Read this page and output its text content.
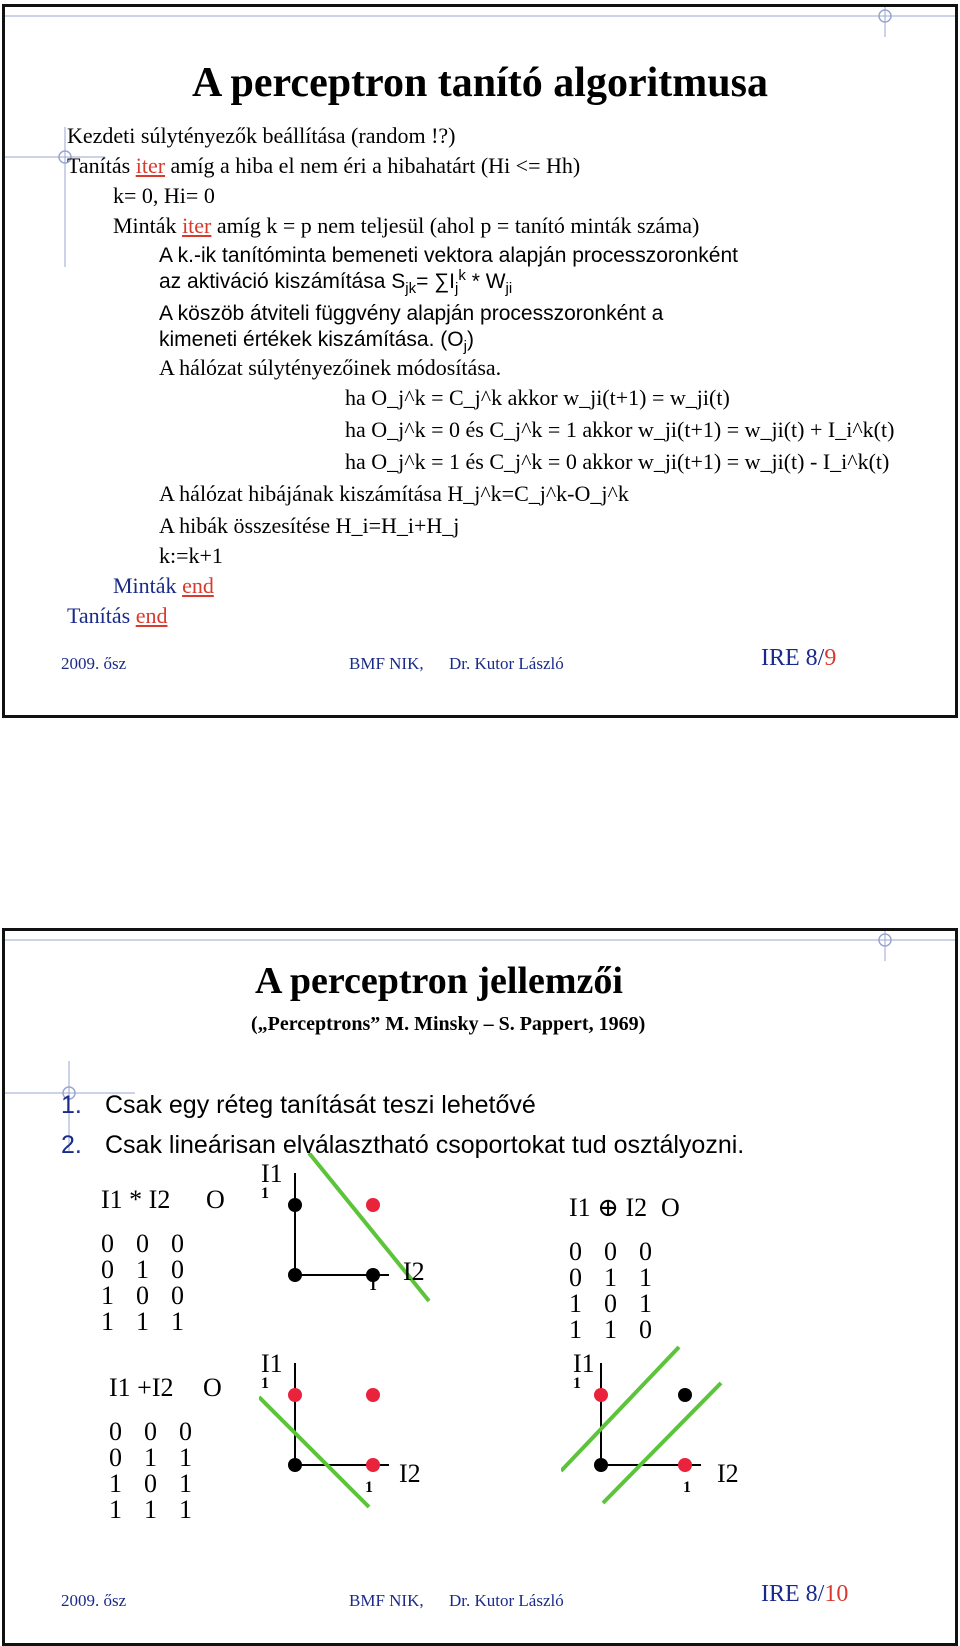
A perceptron tanító algoritmusa
Kezdeti súlytényezők beállítása (random !?)
Tanítás iter amíg a hiba el nem éri a hibahatárt (Hi <= Hh)
k= 0, Hi= 0
Minták iter amíg k = p nem teljesül (ahol p = tanító minták száma)
A k.-ik tanítóminta bemeneti vektora alapján processzoronként
az aktiváció kiszámítása $S_{jk}= \sum I_j^k * W_{ji}$
A köszöb átviteli függvény alapján processzoronként a
kimeneti értékek kiszámítása. $(O_j)$
A hálózat súlytényezőinek módosítása.
ha O_j^k = C_j^k akkor w_ji(t+1) = w_ji(t)
ha O_j^k = 0 és C_j^k = 1 akkor w_ji(t+1) = w_ji(t) + I_i^k(t)
ha O_j^k = 1 és C_j^k = 0 akkor w_ji(t+1) = w_ji(t) - I_i^k(t)
A hálózat hibájának kiszámítása H_j^k=C_j^k-O_j^k
A hibák összesítése H_i=H_i+H_j
k:=k+1
Minták end
Tanítás end
2009. ősz	BMF NIK, Dr. Kutor László	IRE 8/9
A perceptron jellemzői
(„Perceptrons” M. Minsky – S. Pappert, 1969)
1. Csak egy réteg tanítását teszi lehetővé
2. Csak lineárisan elválasztható csoportokat tud osztályozni.
I1 * I2	O
0 0 0
0 1 0
1 0 0
1 1 1
I1 +I2	O
0 0 0
0 1 1
1 0 1
1 1 1
I1 ⊕ I2 O
0 0 0
0 1 1
1 0 1
1 1 0
I1
1
I2
1
I1
1
I2
1
I1
1
I2
1
2009. ősz	BMF NIK, Dr. Kutor László	IRE 8/10
